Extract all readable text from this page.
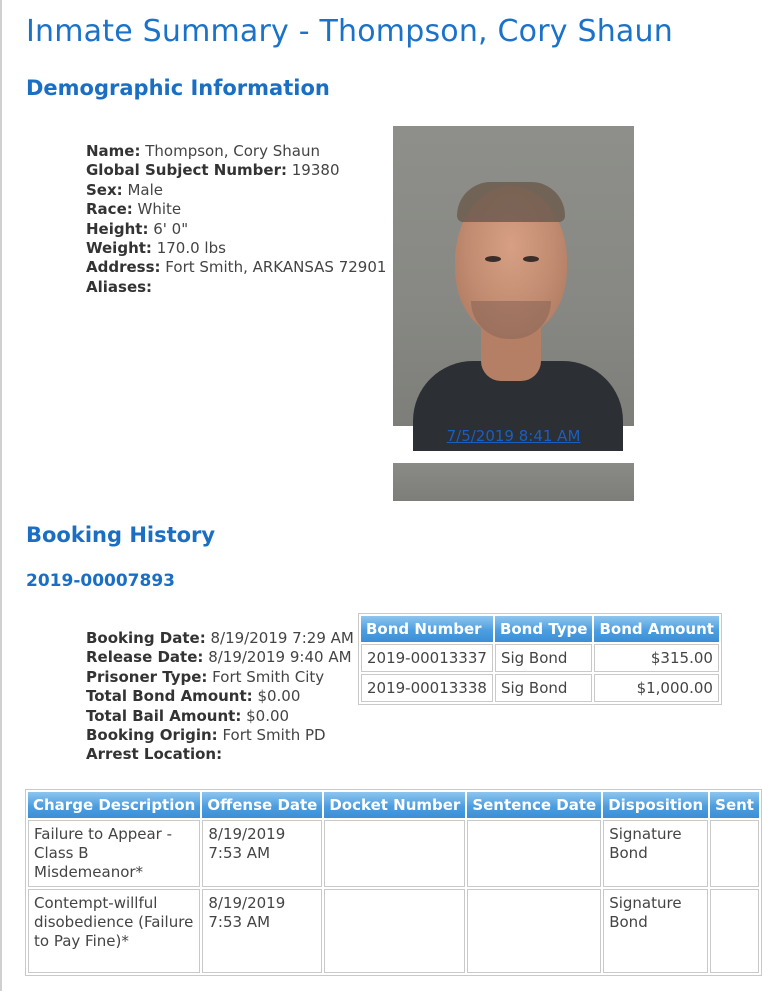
Inmate Summary - Thompson, Cory Shaun
Demographic Information
Name: Thompson, Cory Shaun
Global Subject Number: 19380
Sex: Male
Race: White
Height: 6' 0"
Weight: 170.0 lbs
Address: Fort Smith, ARKANSAS 72901
Aliases:
7/5/2019 8:41 AM
Booking History
2019-00007893
Booking Date: 8/19/2019 7:29 AM
Release Date: 8/19/2019 9:40 AM
Prisoner Type: Fort Smith City
Total Bond Amount: $0.00
Total Bail Amount: $0.00
Booking Origin: Fort Smith PD
Arrest Location:
Bond Number	Bond Type	Bond Amount
2019-00013337	Sig Bond	$315.00
2019-00013338	Sig Bond	$1,000.00
Charge Description	Offense Date	Docket Number	Sentence Date	Disposition	Sent
Failure to Appear - Class B Misdemeanor*	8/19/2019 7:53 AM			Signature Bond	
Contempt-willful disobedience (Failure to Pay Fine)*	8/19/2019 7:53 AM			Signature Bond	
